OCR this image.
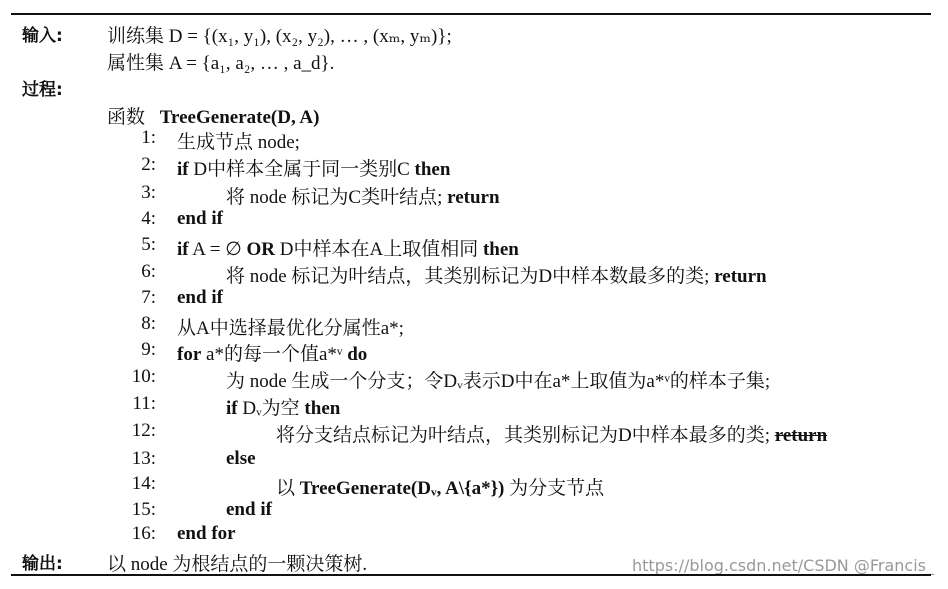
输入: 训练集 D = {(x₁, y₁), (x₂, y₂), … , (xₘ, yₘ)};
属性集 A = {a₁, a₂, … , a_d}.
过程:
函数 TreeGenerate(D, A)
1: 生成节点 node;
2: if D中样本全属于同一类别C then
3:	将 node 标记为C类叶结点; return
4: end if
5: if A = ∅ OR D中样本在A上取值相同 then
6:	将 node 标记为叶结点，其类别标记为D中样本数最多的类; return
7: end if
8: 从A中选择最优化分属性a*;
9: for a*的每一个值a*ᵛ do
10:	为 node 生成一个分支；令Dᵥ表示D中在a*上取值为a*ᵛ的样本子集;
11:	if Dᵥ为空 then
12:	将分支结点标记为叶结点，其类别标记为D中样本最多的类; return
13:	else
14:	以 TreeGenerate(Dᵥ, A\{a*}) 为分支节点
15:	end if
16: end for
输出: 以 node 为根结点的一颗决策树.	https://blog.csdn.net/CSDN @Francis_
